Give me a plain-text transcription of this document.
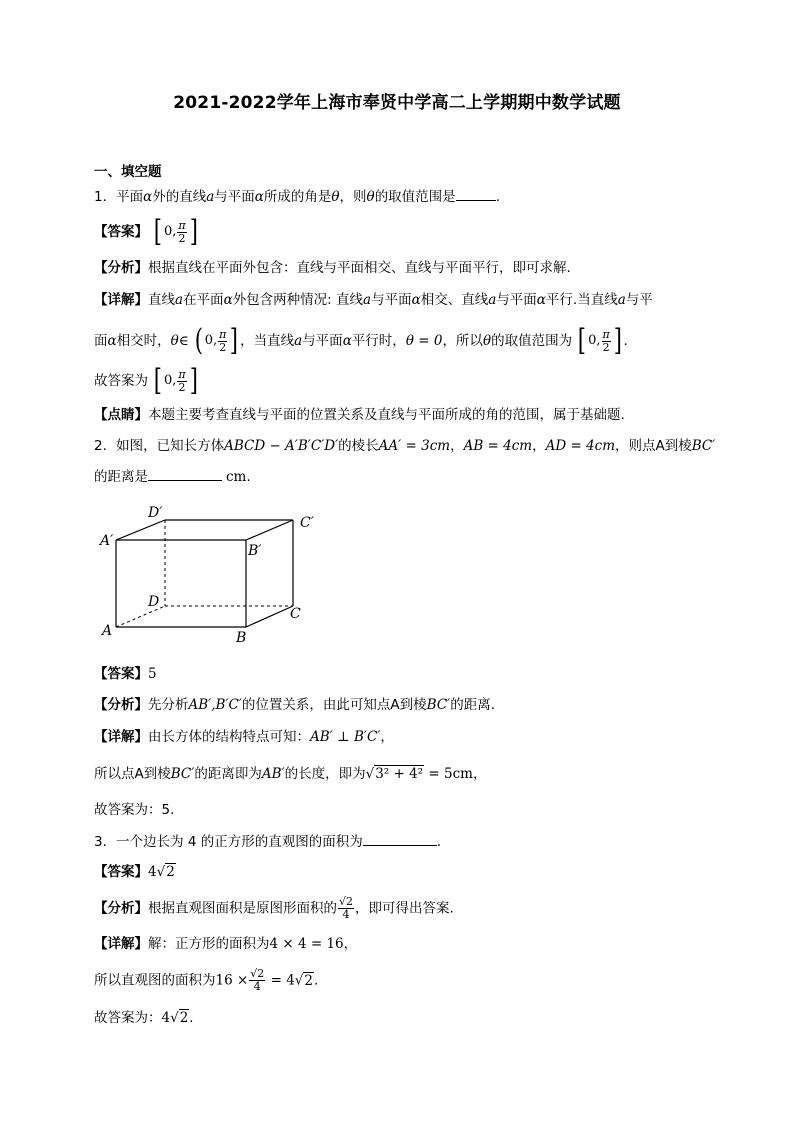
2021-2022学年上海市奉贤中学高二上学期期中数学试题
一、填空题
1．平面α外的直线a与平面α所成的角是θ，则θ的取值范围是	.
【答案】 [ 0, $\frac{\pi}{2}$ ]
【分析】根据直线在平面外包含：直线与平面相交、直线与平面平行，即可求解.
【详解】直线a在平面α外包含两种情况: 直线a与平面α相交、直线a与平面α平行.当直线a与平
面α相交时，θ∈ ( 0, $\frac{\pi}{2}$ ] ，当直线a与平面α平行时，θ = 0，所以θ的取值范围为 [ 0, $\frac{\pi}{2}$ ] .
故答案为 [ 0, $\frac{\pi}{2}$ ]
【点睛】本题主要考查直线与平面的位置关系及直线与平面所成的角的范围，属于基础题.
2．如图，已知长方体ABCD − A′B′C′D′的棱长AA′ = 3cm，AB = 4cm，AD = 4cm，则点A到棱BC′
的距离是	cm.
A′
D′
C′
B′
D
C
A	B
【答案】5
【分析】先分析AB′,B′C′的位置关系，由此可知点A到棱BC′的距离.
【详解】由长方体的结构特点可知：AB′ ⊥ B′C′，
所以点A到棱BC′的距离即为AB′的长度，即为√3² + 4² = 5cm，
故答案为：5.
3．一个边长为 4 的正方形的直观图的面积为	.
【答案】4√2
【分析】根据直观图面积是原图形面积的 $\frac{√2}{4}$ ，即可得出答案.
【详解】解：正方形的面积为4 × 4 = 16，
所以直观图的面积为$16 \times \frac{√2}{4} = 4√2$.
故答案为：4√2.
